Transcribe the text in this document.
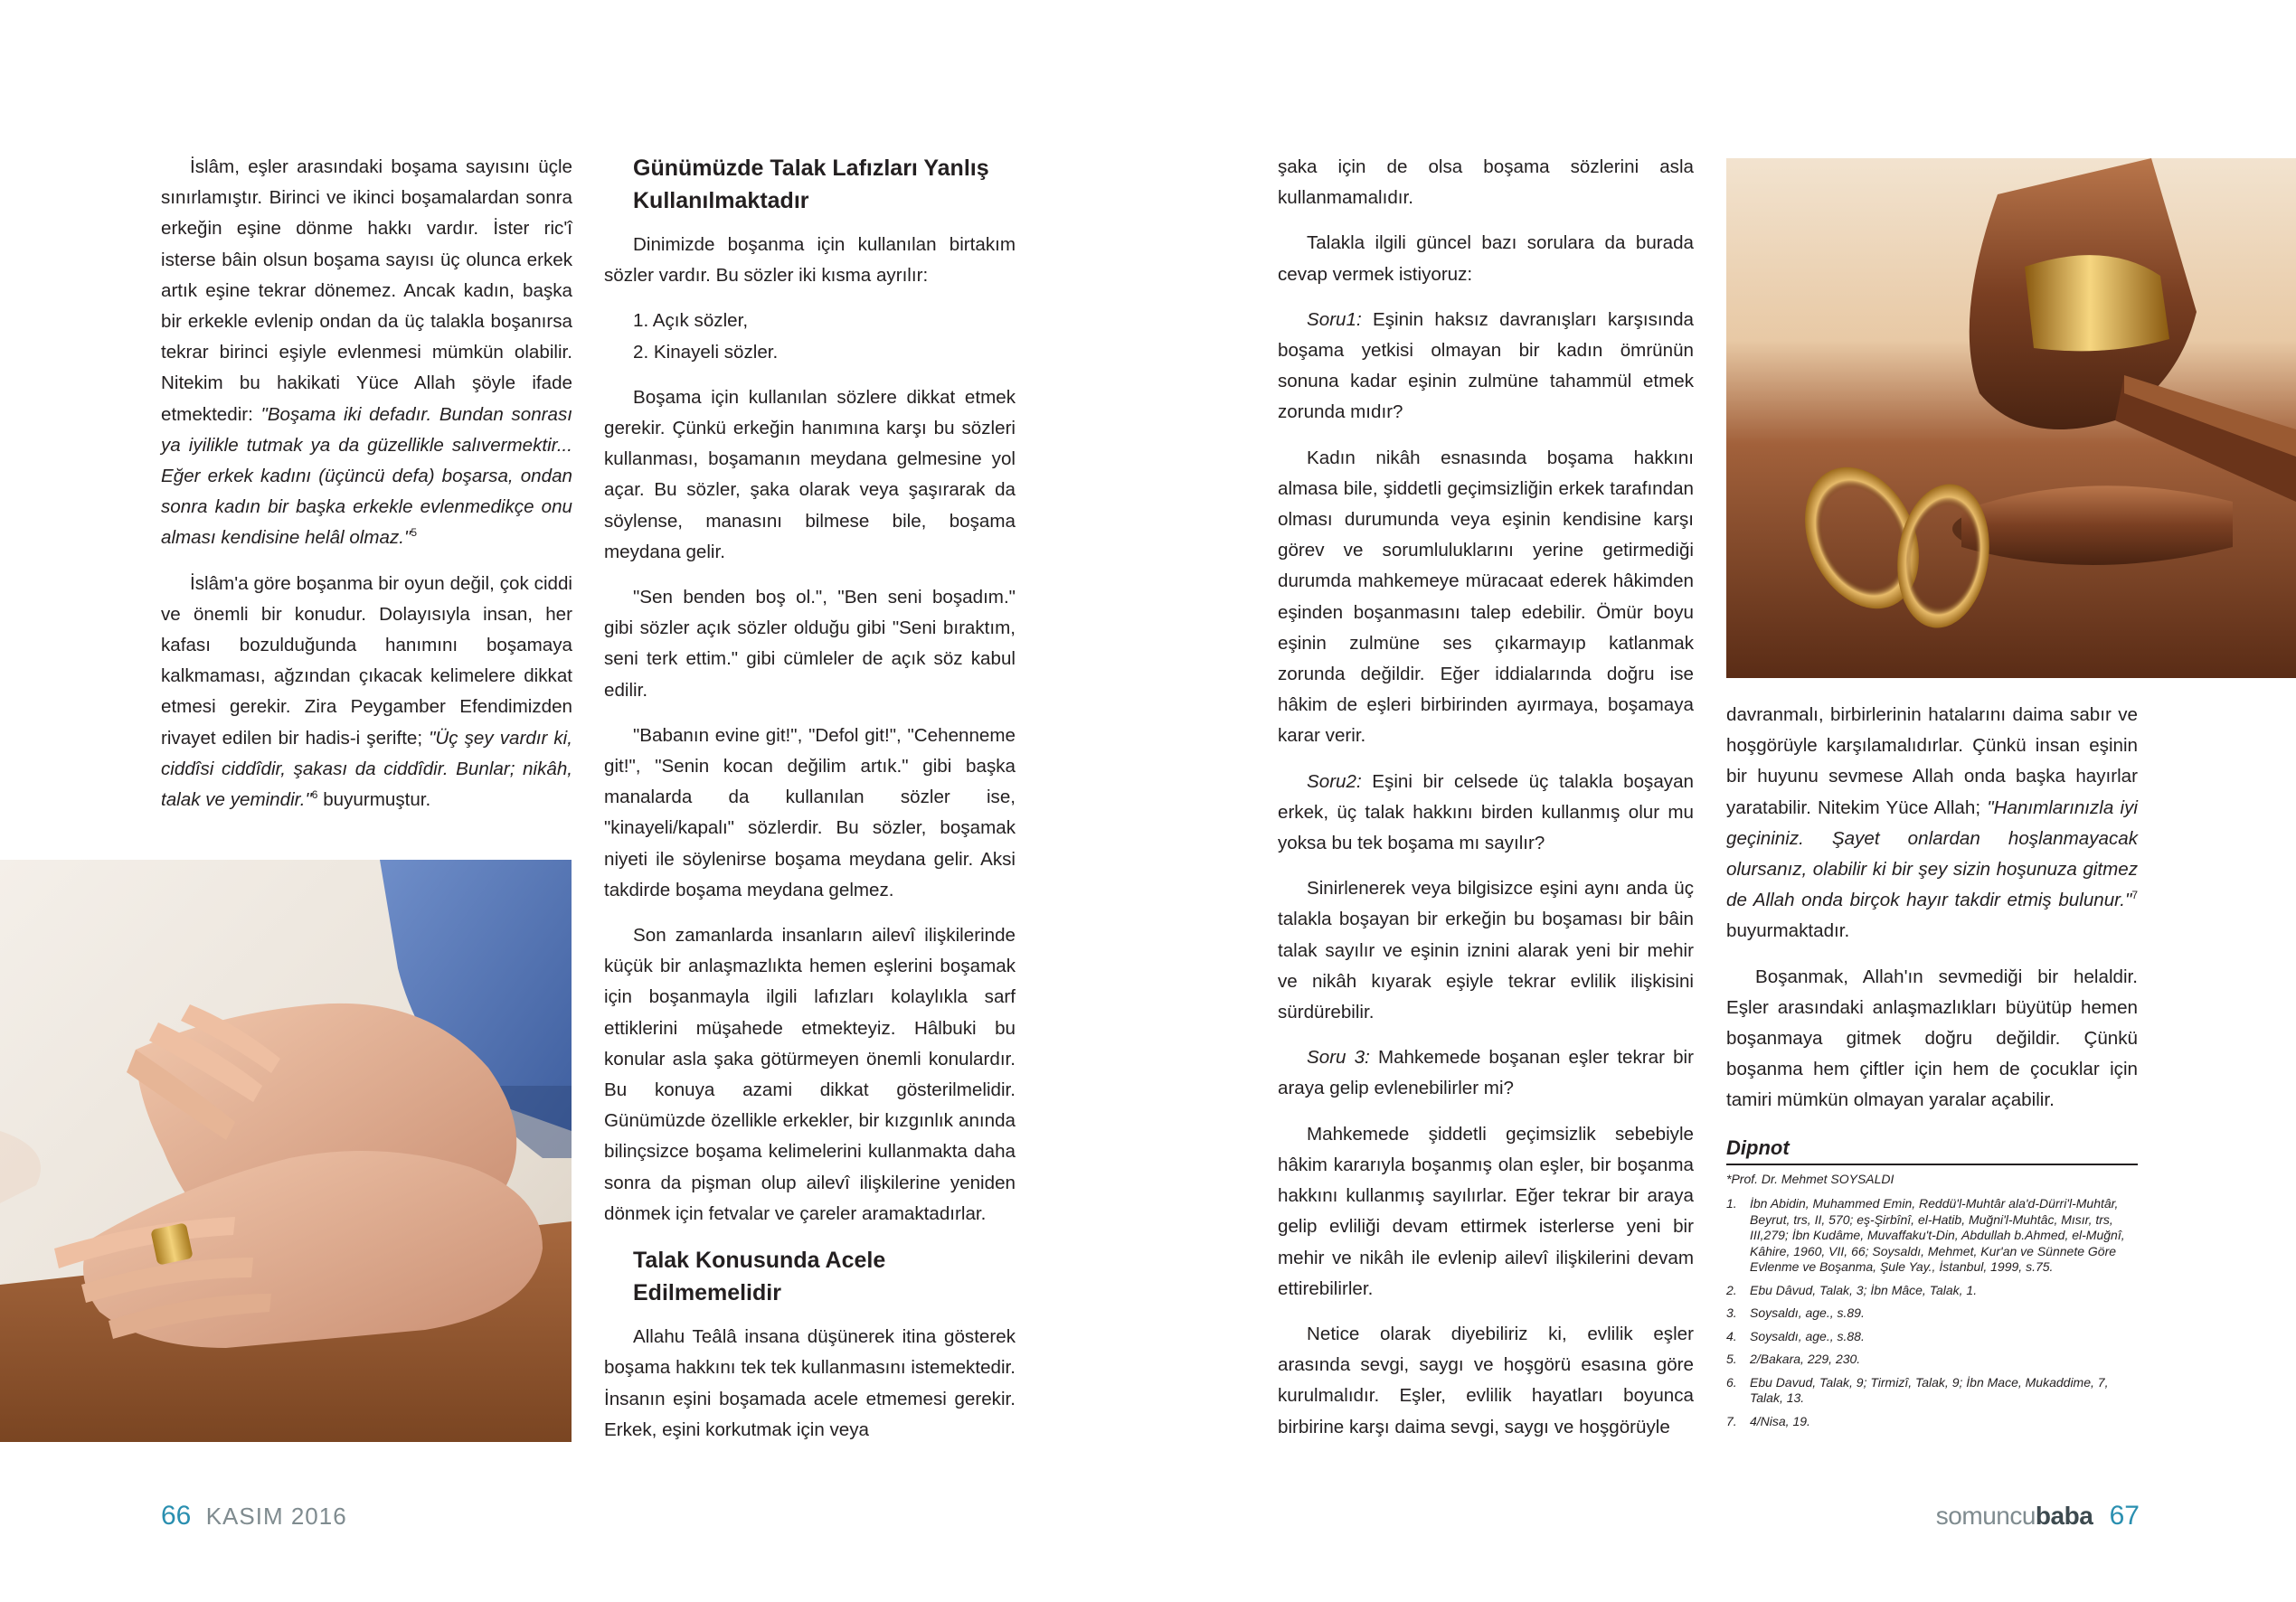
İslâm, eşler arasındaki boşama sayısını üçle sınırlamıştır. Birinci ve ikinci boşamalardan sonra erkeğin eşine dönme hakkı vardır. İster ric'î isterse bâin olsun boşama sayısı üç olunca erkek artık eşine tekrar dönemez. Ancak kadın, başka bir erkekle evlenip ondan da üç talakla boşanırsa tekrar birinci eşiyle evlenmesi mümkün olabilir. Nitekim bu hakikati Yüce Allah şöyle ifade etmektedir: "Boşama iki defadır. Bundan sonrası ya iyilikle tutmak ya da güzellikle salıvermektir... Eğer erkek kadını (üçüncü defa) boşarsa, ondan sonra kadın bir başka erkekle evlenmedikçe onu alması kendisine helâl olmaz."$^5$

İslâm'a göre boşanma bir oyun değil, çok ciddi ve önemli bir konudur. Dolayısıyla insan, her kafası bozulduğunda hanımını boşamaya kalkmaması, ağzından çıkacak kelimelere dikkat etmesi gerekir. Zira Peygamber Efendimizden rivayet edilen bir hadis-i şerifte; "Üç şey vardır ki, ciddîsi ciddîdir, şakası da ciddîdir. Bunlar; nikâh, talak ve yemindir."$^6$ buyurmuştur.

Günümüzde Talak Lafızları Yanlış Kullanılmaktadır

Dinimizde boşanma için kullanılan birtakım sözler vardır. Bu sözler iki kısma ayrılır:

1. Açık sözler,
2. Kinayeli sözler.

Boşama için kullanılan sözlere dikkat etmek gerekir. Çünkü erkeğin hanımına karşı bu sözleri kullanması, boşamanın meydana gelmesine yol açar. Bu sözler, şaka olarak veya şaşırarak da söylense, manasını bilmese bile, boşama meydana gelir.

"Sen benden boş ol.", "Ben seni boşadım." gibi sözler açık sözler olduğu gibi "Seni bıraktım, seni terk ettim." gibi cümleler de açık söz kabul edilir.

"Babanın evine git!", "Defol git!", "Cehenneme git!", "Senin kocan değilim artık." gibi başka manalarda da kullanılan sözler ise, "kinayeli/kapalı" sözlerdir. Bu sözler, boşamak niyeti ile söylenirse boşama meydana gelir. Aksi takdirde boşama meydana gelmez.

Son zamanlarda insanların ailevî ilişkilerinde küçük bir anlaşmazlıkta hemen eşlerini boşamak için boşanmayla ilgili lafızları kolaylıkla sarf ettiklerini müşahede etmekteyiz. Hâlbuki bu konular asla şaka götürmeyen önemli konulardır. Bu konuya azami dikkat gösterilmelidir. Günümüzde özellikle erkekler, bir kızgınlık anında bilinçsizce boşama kelimelerini kullanmakta daha sonra da pişman olup ailevî ilişkilerine yeniden dönmek için fetvalar ve çareler aramaktadırlar.

Talak Konusunda Acele Edilmemelidir

Allahu Teâlâ insana düşünerek itina gösterek boşama hakkını tek tek kullanmasını istemektedir. İnsanın eşini boşamada acele etmemesi gerekir. Erkek, eşini korkutmak için veya

şaka için de olsa boşama sözlerini asla kullanmamalıdır.

Talakla ilgili güncel bazı sorulara da burada cevap vermek istiyoruz:

Soru1: Eşinin haksız davranışları karşısında boşama yetkisi olmayan bir kadın ömrünün sonuna kadar eşinin zulmüne tahammül etmek zorunda mıdır?

Kadın nikâh esnasında boşama hakkını almasa bile, şiddetli geçimsizliğin erkek tarafından olması durumunda veya eşinin kendisine karşı görev ve sorumluluklarını yerine getirmediği durumda mahkemeye müracaat ederek hâkimden eşinden boşanmasını talep edebilir. Ömür boyu eşinin zulmüne ses çıkarmayıp katlanmak zorunda değildir. Eğer iddialarında doğru ise hâkim de eşleri birbirinden ayırmaya, boşamaya karar verir.

Soru2: Eşini bir celsede üç talakla boşayan erkek, üç talak hakkını birden kullanmış olur mu yoksa bu tek boşama mı sayılır?

Sinirlenerek veya bilgisizce eşini aynı anda üç talakla boşayan bir erkeğin bu boşaması bir bâin talak sayılır ve eşinin iznini alarak yeni bir mehir ve nikâh kıyarak eşiyle tekrar evlilik ilişkisini sürdürebilir.

Soru 3: Mahkemede boşanan eşler tekrar bir araya gelip evlenebilirler mi?

Mahkemede şiddetli geçimsizlik sebebiyle hâkim kararıyla boşanmış olan eşler, bir boşanma hakkını kullanmış sayılırlar. Eğer tekrar bir araya gelip evliliği devam ettirmek isterlerse yeni bir mehir ve nikâh ile evlenip ailevî ilişkilerini devam ettirebilirler.

Netice olarak diyebiliriz ki, evlilik eşler arasında sevgi, saygı ve hoşgörü esasına göre kurulmalıdır. Eşler, evlilik hayatları boyunca birbirine karşı daima sevgi, saygı ve hoşgörüyle

davranmalı, birbirlerinin hatalarını daima sabır ve hoşgörüyle karşılamalıdırlar. Çünkü insan eşinin bir huyunu sevmese Allah onda başka hayırlar yaratabilir. Nitekim Yüce Allah; "Hanımlarınızla iyi geçininiz. Şayet onlardan hoşlanmayacak olursanız, olabilir ki bir şey sizin hoşunuza gitmez de Allah onda birçok hayır takdir etmiş bulunur."$^7$ buyurmaktadır.

Boşanmak, Allah'ın sevmediği bir helaldir. Eşler arasındaki anlaşmazlıkları büyütüp hemen boşanmaya gitmek doğru değildir. Çünkü boşanma hem çiftler için hem de çocuklar için tamiri mümkün olmayan yaralar açabilir.

Dipnot

*Prof. Dr. Mehmet SOYSALDI

1.	İbn Abidin, Muhammed Emin, Reddü'l-Muhtâr ala'd-Dürri'l-Muhtâr, Beyrut, trs, II, 570; eş-Şirbînî, el-Hatib, Muğni'l-Muhtâc, Mısır, trs, III,279; İbn Kudâme, Muvaffaku't-Din, Abdullah b.Ahmed, el-Muğnî, Kâhire, 1960, VII, 66; Soysaldı, Mehmet, Kur'an ve Sünnete Göre Evlenme ve Boşanma, Şule Yay., İstanbul, 1999, s.75.
2.	Ebu Dâvud, Talak, 3; İbn Mâce, Talak, 1.
3.	Soysaldı, age., s.89.
4.	Soysaldı, age., s.88.
5.	2/Bakara, 229, 230.
6.	Ebu Davud, Talak, 9; Tirmizî, Talak, 9; İbn Mace, Mukaddime, 7, Talak, 13.
7.	4/Nisa, 19.
66 KASIM 2016	somuncubaba 67
